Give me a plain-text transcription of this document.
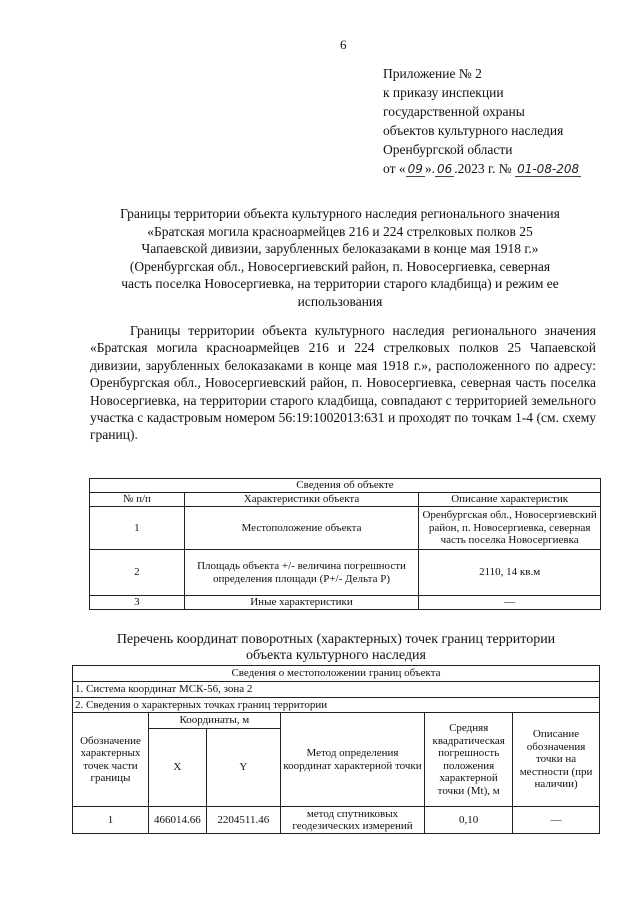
6
Приложение № 2
к приказу инспекции
государственной охраны
объектов культурного наследия
Оренбургской области
от « 09 ». 06 .2023 г. № 01-08-208
Границы территории объекта культурного наследия регионального значения
«Братская могила красноармейцев 216 и 224 стрелковых полков 25
Чапаевской дивизии, зарубленных белоказаками в конце мая 1918 г.»
(Оренбургская обл., Новосергиевский район, п. Новосергиевка, северная
часть поселка Новосергиевка, на территории старого кладбища) и режим ее
использования
Границы территории объекта культурного наследия регионального значения «Братская могила красноармейцев 216 и 224 стрелковых полков 25 Чапаевской дивизии, зарубленных белоказаками в конце мая 1918 г.», расположенного по адресу: Оренбургская обл., Новосергиевский район, п. Новосергиевка, северная часть поселка Новосергиевка, на территории старого кладбища, совпадают с территорией земельного участка с кадастровым номером 56:19:1002013:631 и проходят по точкам 1-4 (см. схему границ).
Сведения об объекте		
№ п/п	Характеристики объекта	Описание характеристик
1	Местоположение объекта	Оренбургская обл., Новосергиевский район, п. Новосергиевка, северная часть поселка Новосергиевка
2	Площадь объекта +/- величина погрешности определения площади (P+/- Дельта P)	2110, 14 кв.м
3	Иные характеристики	—
Перечень координат поворотных (характерных) точек границ территории
объекта культурного наследия
Сведения о местоположении границ объекта					
1. Система координат МСК-56, зона 2					
2. Сведения о характерных точках границ территории					
Обозначение характерных точек части границы	Координаты, м		Метод определения координат характерной точки	Средняя квадратическая погрешность положения характерной точки (Mt), м	Описание обозначения точки на местности (при наличии)
	X	Y			
1	466014.66	2204511.46	метод спутниковых геодезических измерений	0,10	—
